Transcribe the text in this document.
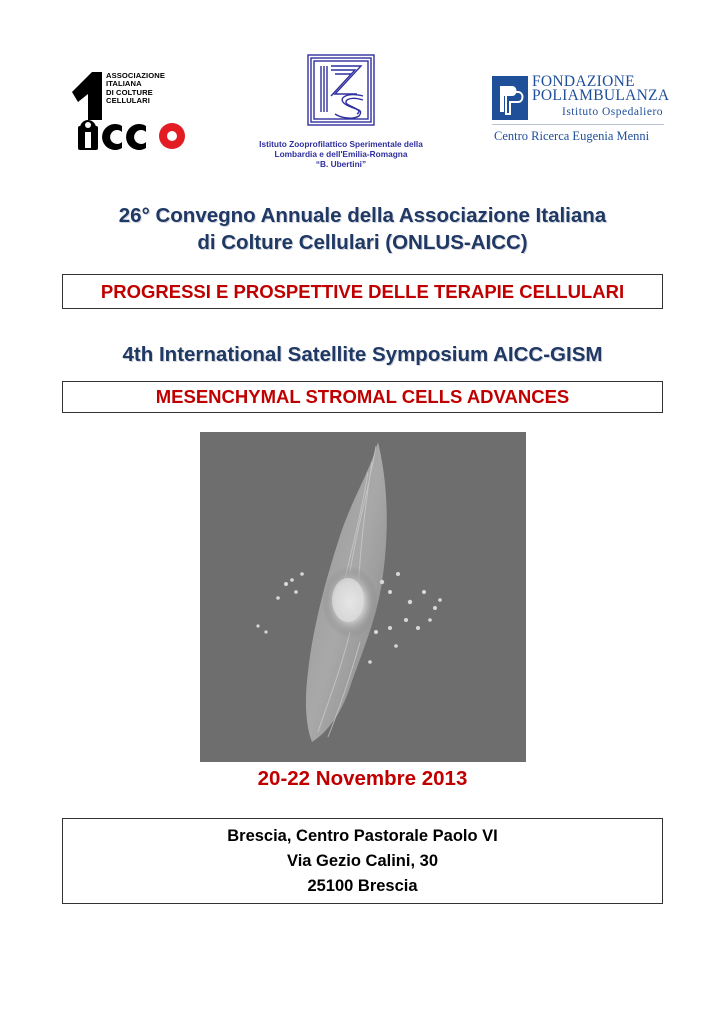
ASSOCIAZIONE
ITALIANA
DI COLTURE
CELLULARI
Istituto Zooprofilattico Sperimentale della
Lombardia e dell'Emilia-Romagna
“B. Ubertini”
FONDAZIONE
POLIAMBULANZA
Istituto Ospedaliero
Centro Ricerca Eugenia Menni
26° Convegno Annuale della Associazione Italiana
di Colture Cellulari (ONLUS-AICC)
PROGRESSI E PROSPETTIVE DELLE TERAPIE CELLULARI
4th International Satellite Symposium AICC-GISM
MESENCHYMAL STROMAL CELLS ADVANCES
20-22 Novembre 2013
Brescia, Centro Pastorale Paolo VI
Via Gezio Calini, 30
25100 Brescia
